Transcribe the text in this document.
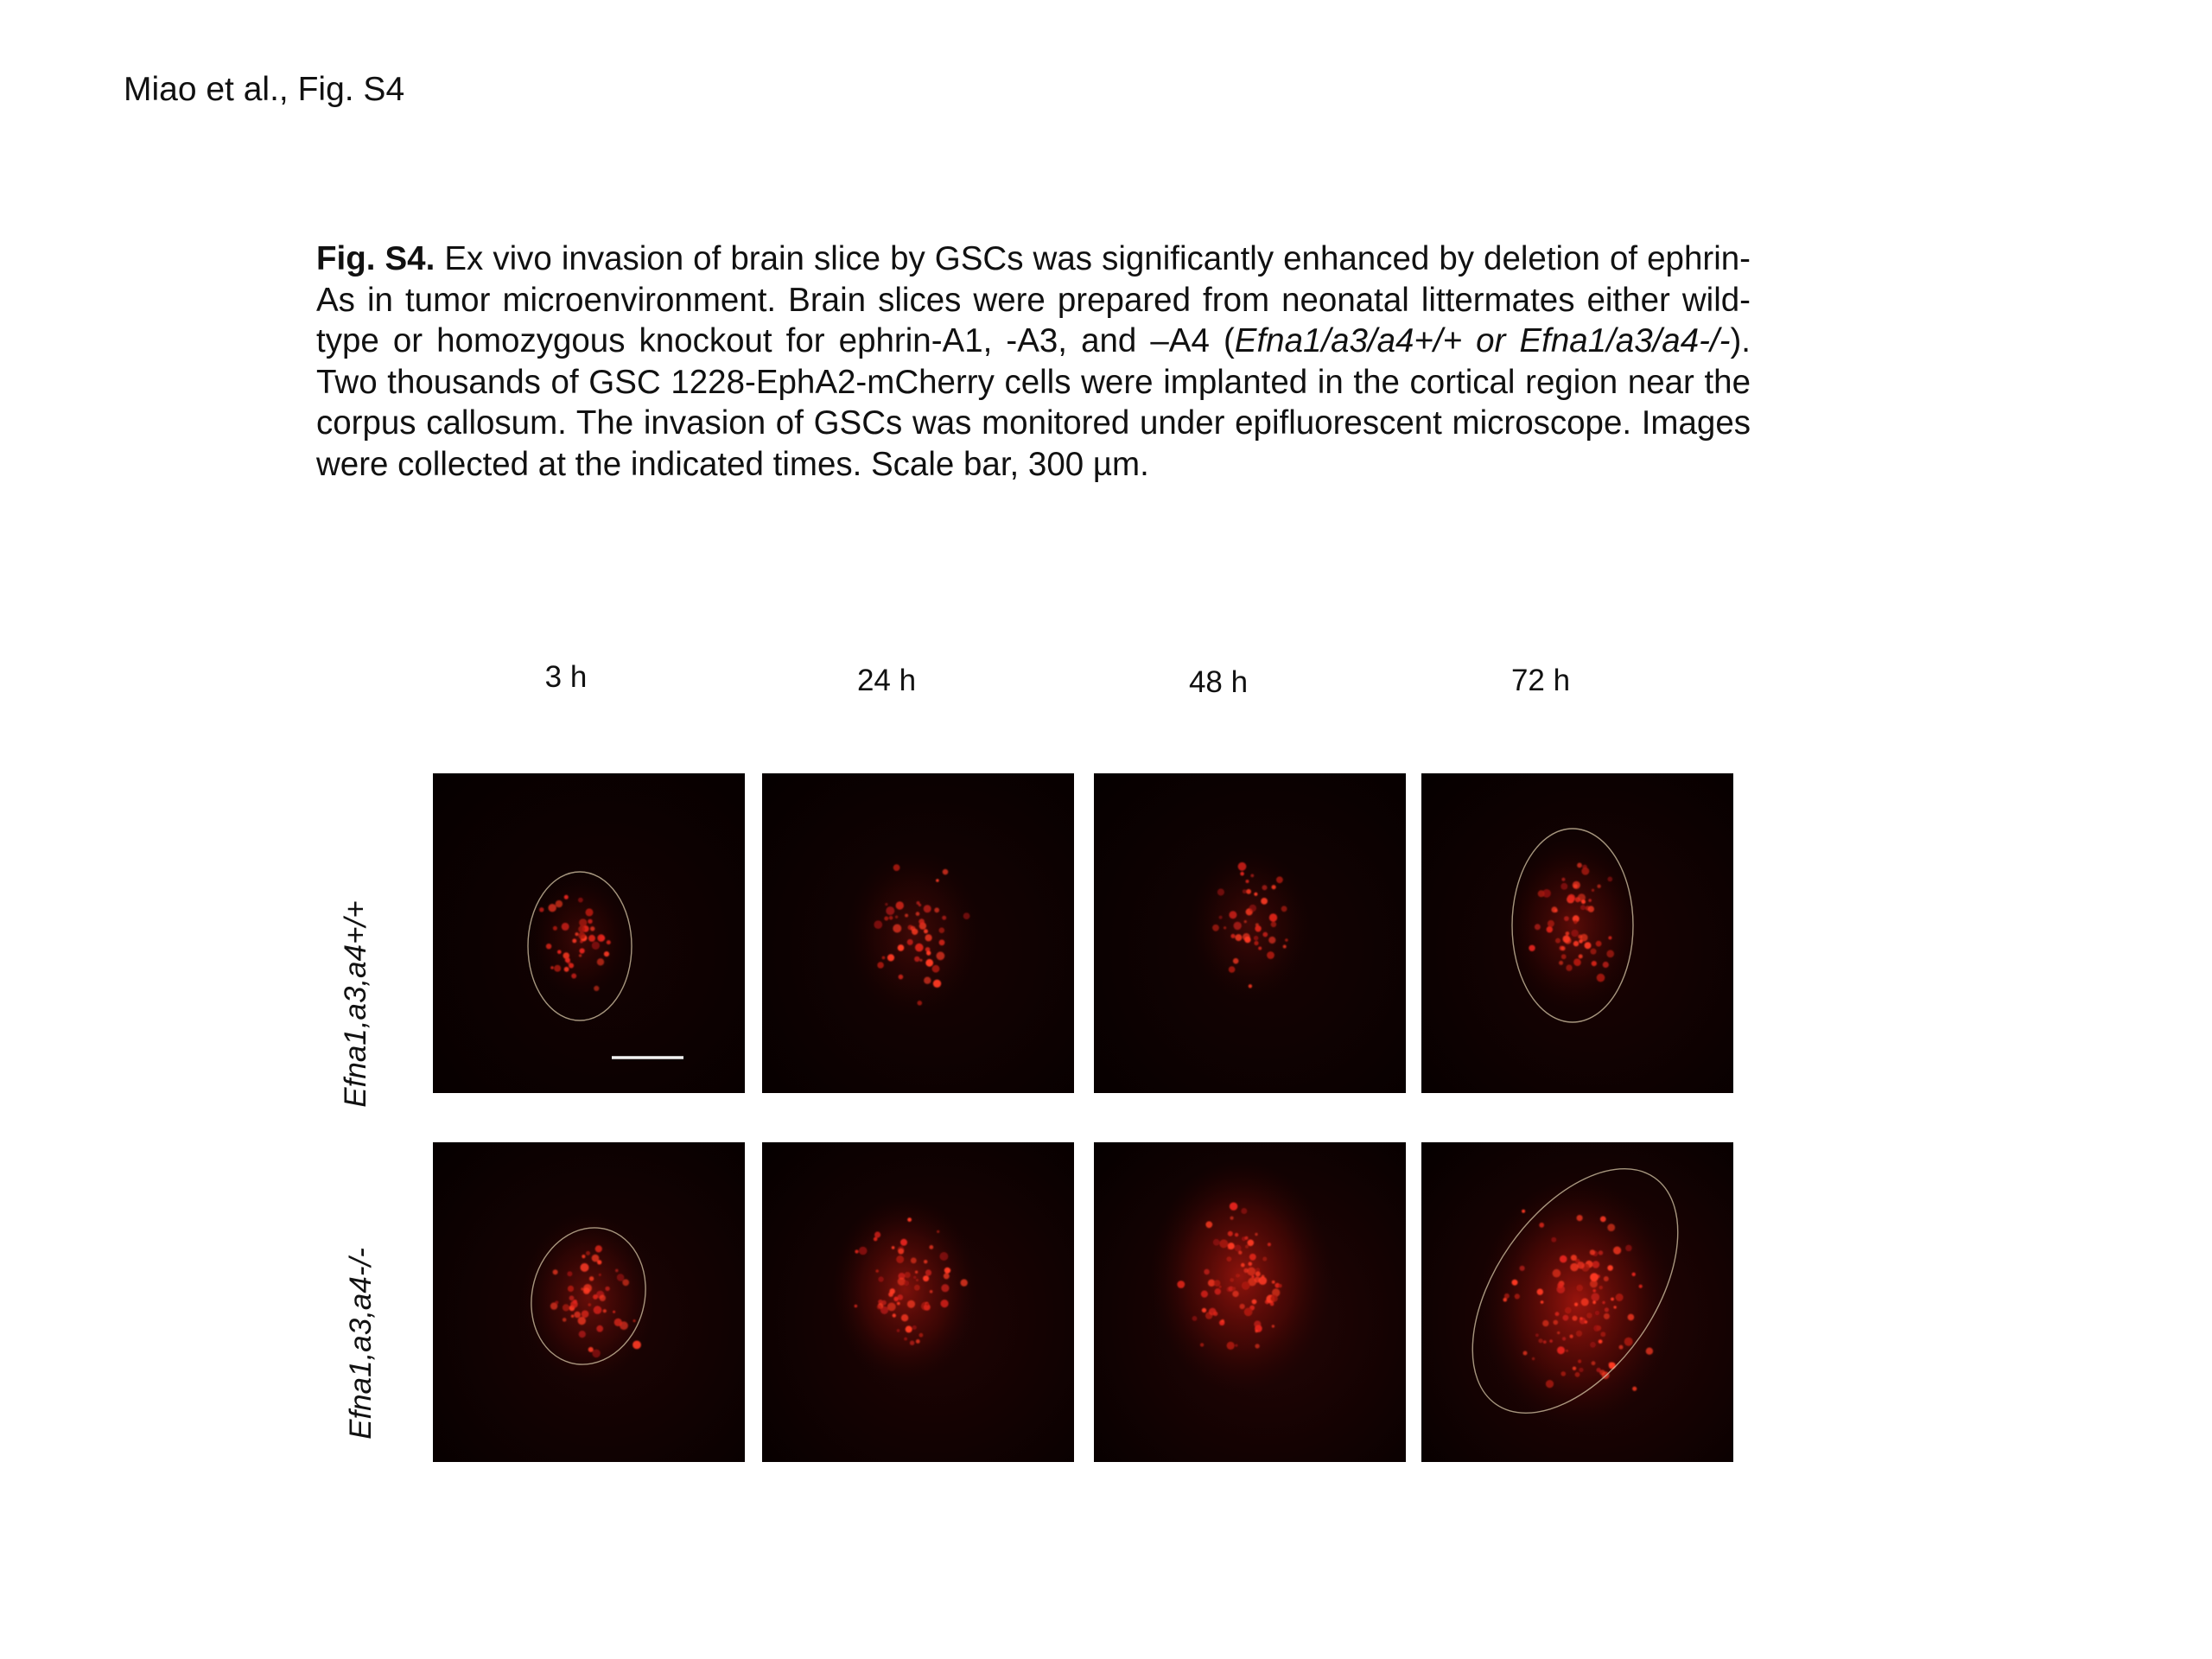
Miao et al., Fig. S4
Fig. S4. Ex vivo invasion of brain slice by GSCs was significantly enhanced by deletion of ephrin-As in tumor microenvironment. Brain slices were prepared from neonatal littermates either wild-type or homozygous knockout for ephrin-A1, -A3, and –A4 (Efna1/a3/a4+/+ or Efna1/a3/a4-/-). Two thousands of GSC 1228-EphA2-mCherry cells were implanted in the cortical region near the corpus callosum. The invasion of GSCs was monitored under epifluorescent microscope. Images were collected at the indicated times. Scale bar, 300 µm.
3 h	24 h	48 h	72 h
Efna1,a3,a4+/+
Efna1,a3,a4-/-
